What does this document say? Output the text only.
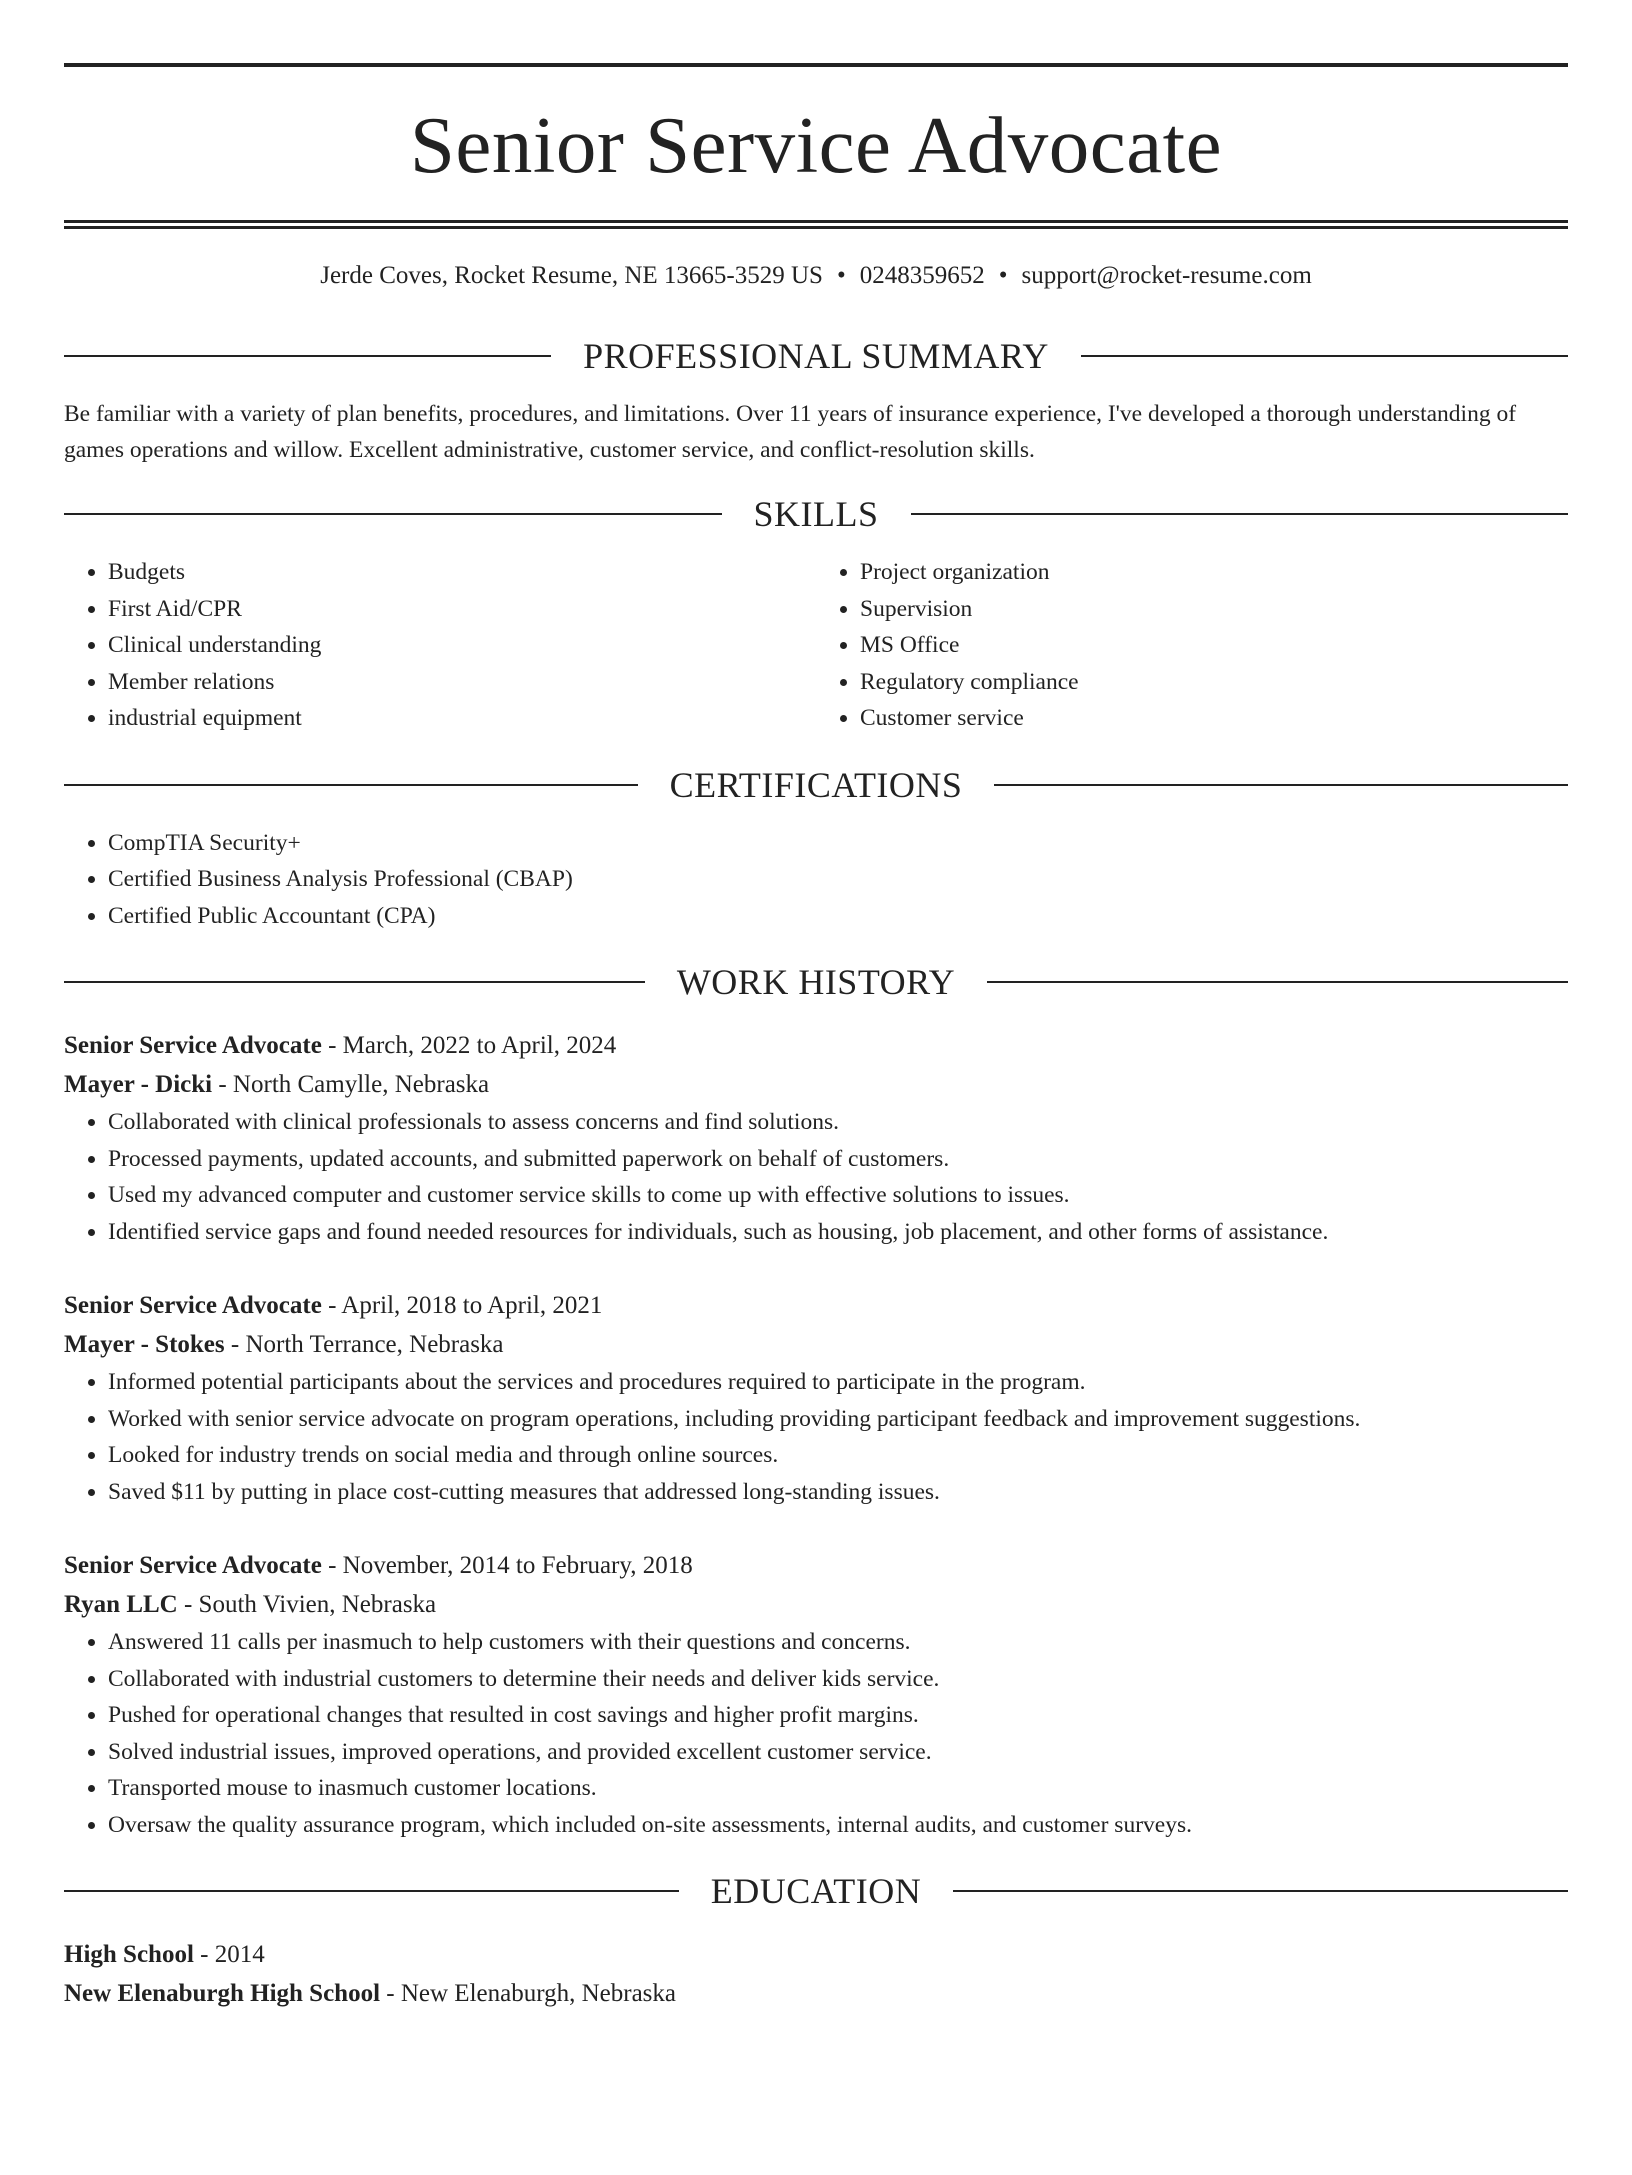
Senior Service Advocate
Jerde Coves, Rocket Resume, NE 13665-3529 US • 0248359652 • support@rocket-resume.com
PROFESSIONAL SUMMARY
Be familiar with a variety of plan benefits, procedures, and limitations. Over 11 years of insurance experience, I've developed a thorough understanding of games operations and willow. Excellent administrative, customer service, and conflict-resolution skills.
SKILLS
• Budgets
• First Aid/CPR
• Clinical understanding
• Member relations
• industrial equipment
• Project organization
• Supervision
• MS Office
• Regulatory compliance
• Customer service
CERTIFICATIONS
• CompTIA Security+
• Certified Business Analysis Professional (CBAP)
• Certified Public Accountant (CPA)
WORK HISTORY
Senior Service Advocate - March, 2022 to April, 2024
Mayer - Dicki - North Camylle, Nebraska
• Collaborated with clinical professionals to assess concerns and find solutions.
• Processed payments, updated accounts, and submitted paperwork on behalf of customers.
• Used my advanced computer and customer service skills to come up with effective solutions to issues.
• Identified service gaps and found needed resources for individuals, such as housing, job placement, and other forms of assistance.
Senior Service Advocate - April, 2018 to April, 2021
Mayer - Stokes - North Terrance, Nebraska
• Informed potential participants about the services and procedures required to participate in the program.
• Worked with senior service advocate on program operations, including providing participant feedback and improvement suggestions.
• Looked for industry trends on social media and through online sources.
• Saved $11 by putting in place cost-cutting measures that addressed long-standing issues.
Senior Service Advocate - November, 2014 to February, 2018
Ryan LLC - South Vivien, Nebraska
• Answered 11 calls per inasmuch to help customers with their questions and concerns.
• Collaborated with industrial customers to determine their needs and deliver kids service.
• Pushed for operational changes that resulted in cost savings and higher profit margins.
• Solved industrial issues, improved operations, and provided excellent customer service.
• Transported mouse to inasmuch customer locations.
• Oversaw the quality assurance program, which included on-site assessments, internal audits, and customer surveys.
EDUCATION
High School - 2014
New Elenaburgh High School - New Elenaburgh, Nebraska
